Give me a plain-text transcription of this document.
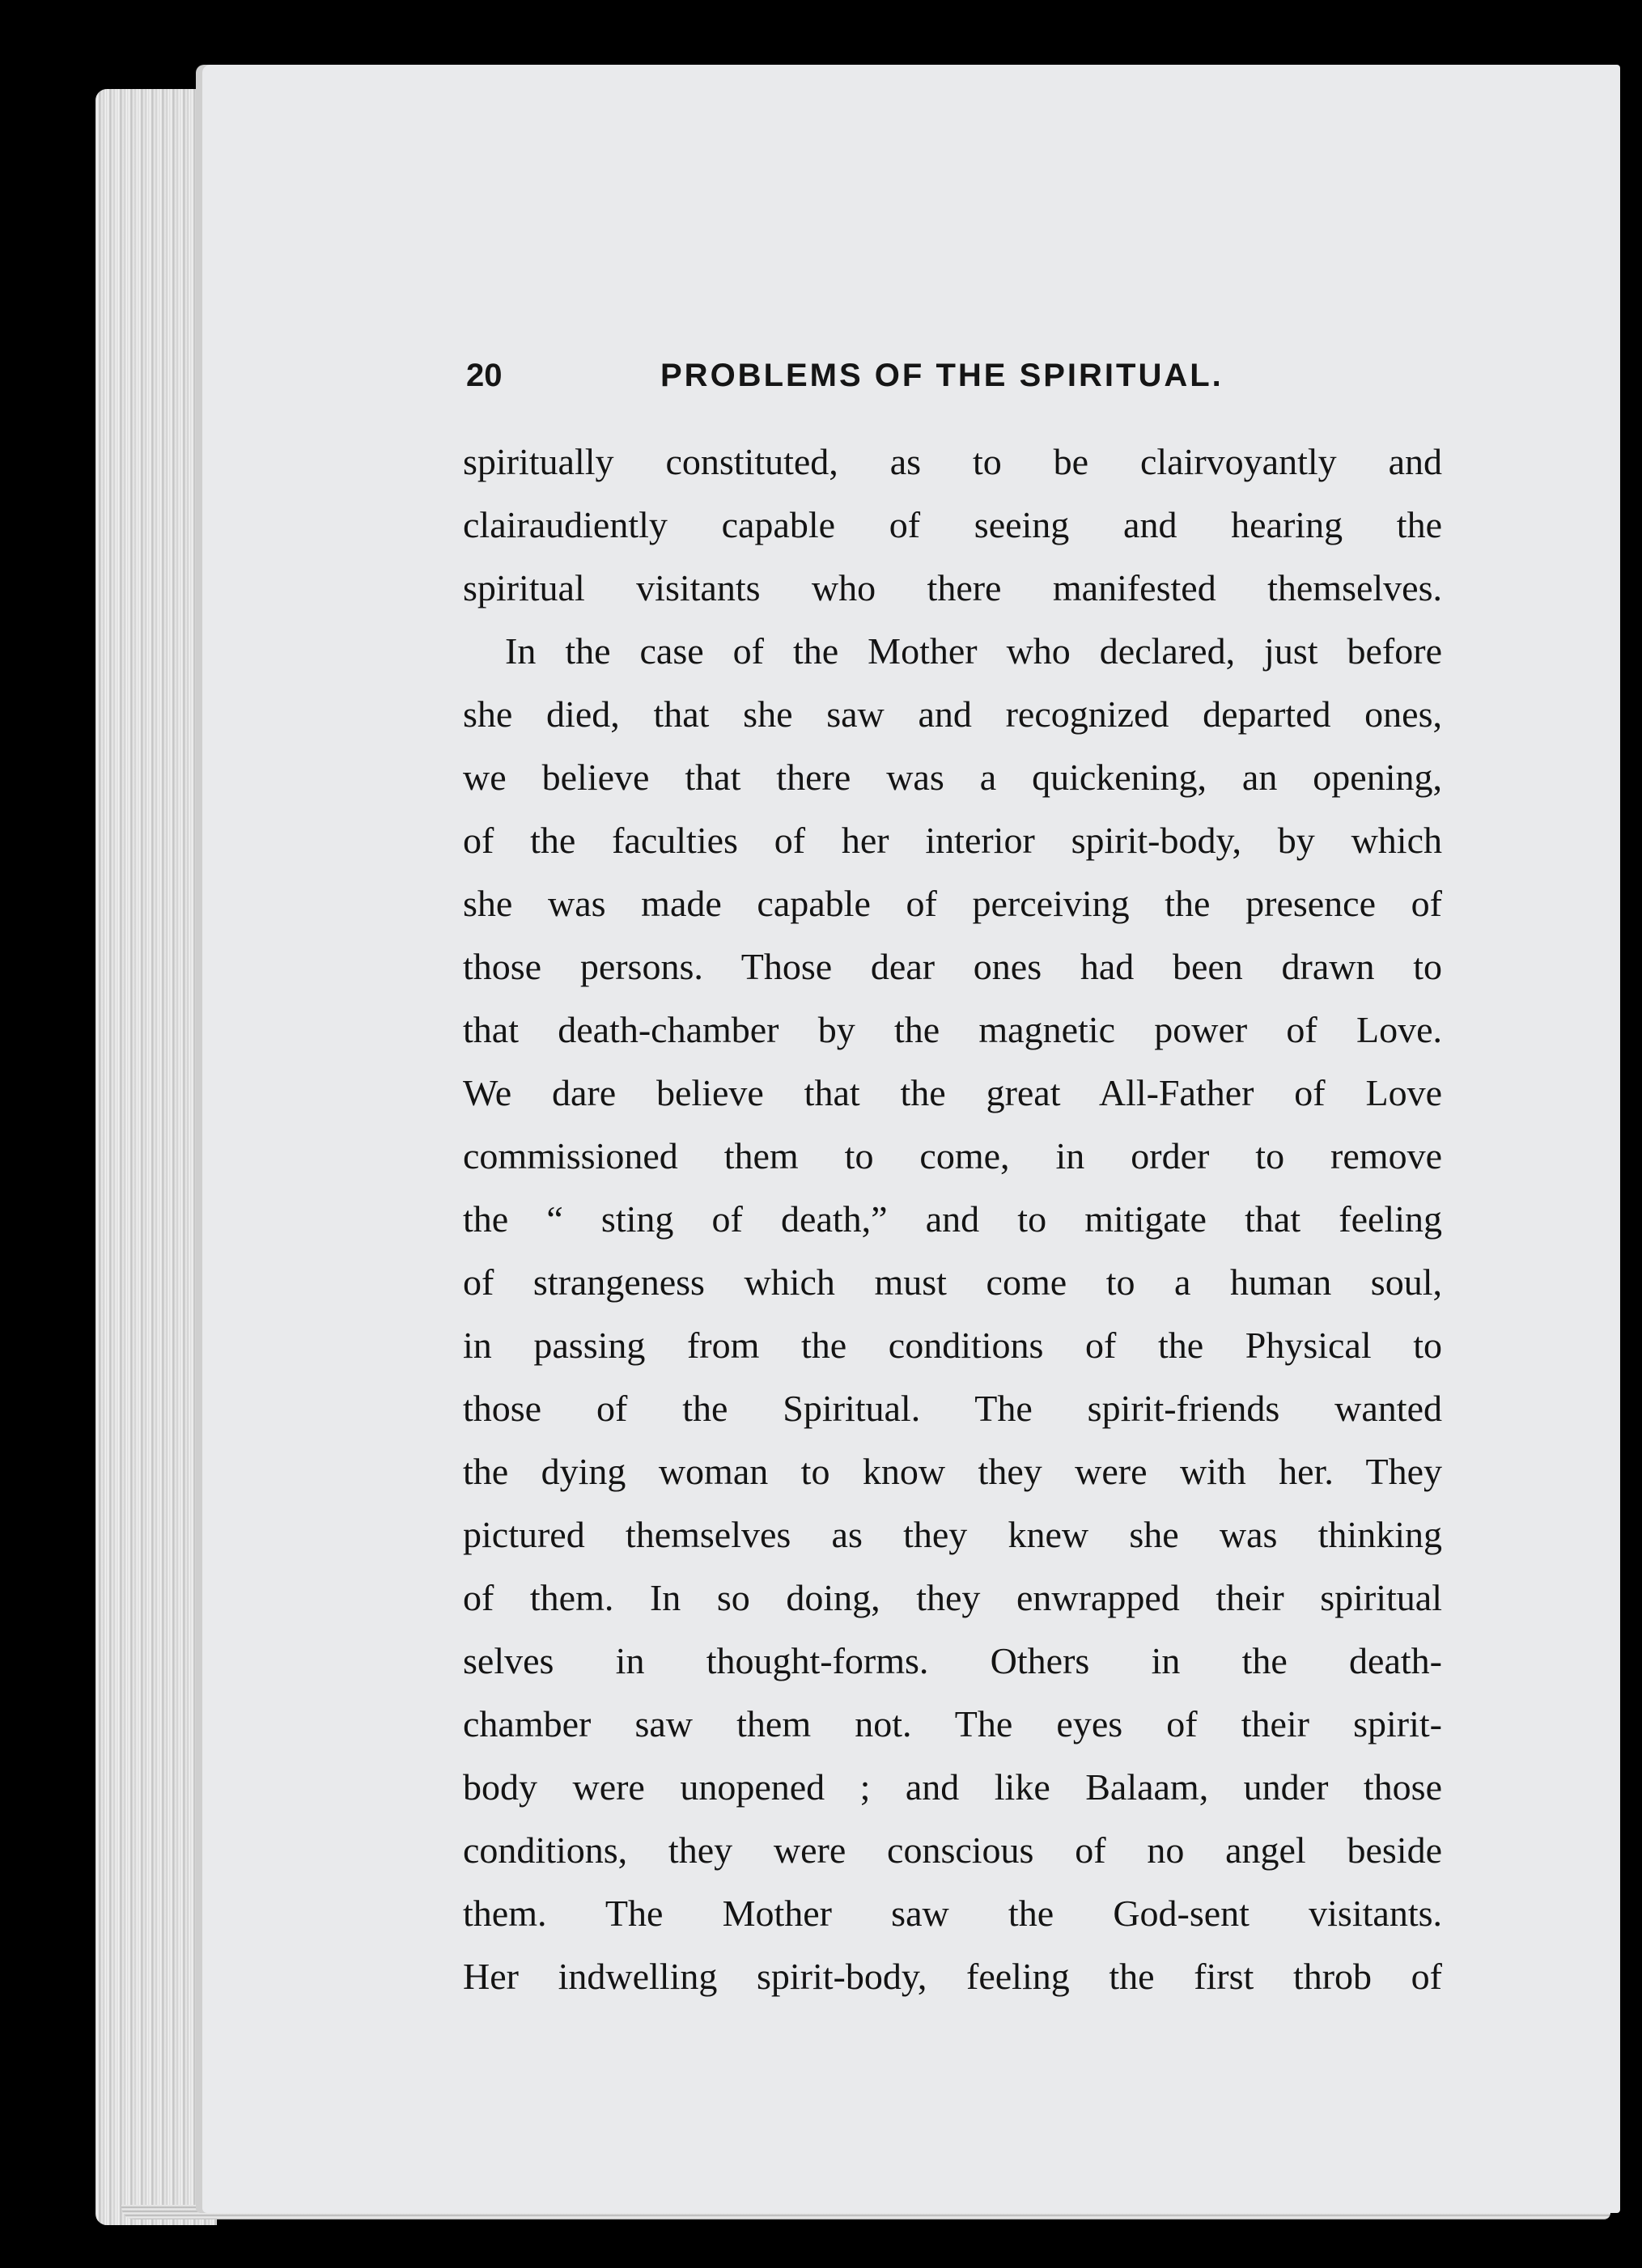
20	PROBLEMS OF THE SPIRITUAL.
spiritually constituted, as to be clairvoyantly and
clairaudiently capable of seeing and hearing the
spiritual visitants who there manifested themselves.
In the case of the Mother who declared, just before
she died, that she saw and recognized departed ones,
we believe that there was a quickening, an opening,
of the faculties of her interior spirit-body, by which
she was made capable of perceiving the presence of
those persons. Those dear ones had been drawn to
that death-chamber by the magnetic power of Love.
We dare believe that the great All-Father of Love
commissioned them to come, in order to remove
the “ sting of death,” and to mitigate that feeling
of strangeness which must come to a human soul,
in passing from the conditions of the Physical to
those of the Spiritual. The spirit-friends wanted
the dying woman to know they were with her. They
pictured themselves as they knew she was thinking
of them. In so doing, they enwrapped their spiritual
selves in thought-forms. Others in the death-
chamber saw them not. The eyes of their spirit-
body were unopened ; and like Balaam, under those
conditions, they were conscious of no angel beside
them. The Mother saw the God-sent visitants.
Her indwelling spirit-body, feeling the first throb of
